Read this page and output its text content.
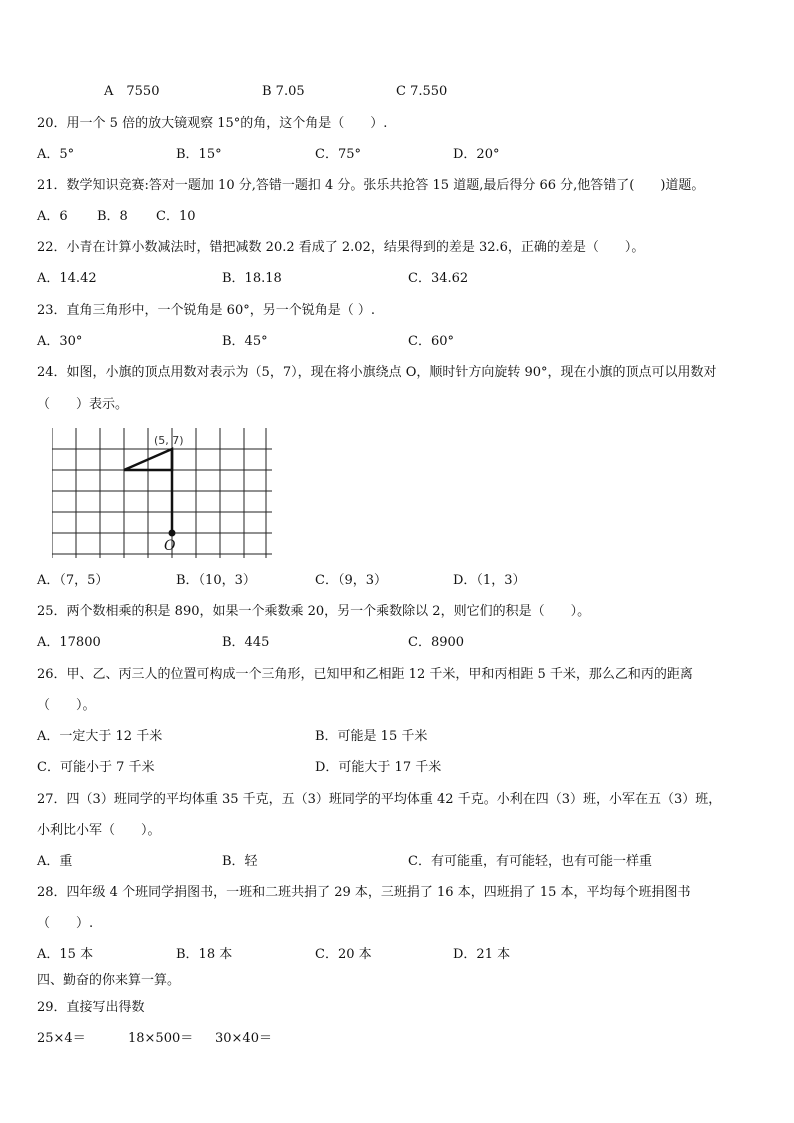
A　7550	B 7.05	C 7.550
20．用一个 5 倍的放大镜观察 15°的角，这个角是（　　）.
A．5°	B．15°	C．75°	D．20°
21．数学知识竞赛:答对一题加 10 分,答错一题扣 4 分。张乐共抢答 15 道题,最后得分 66 分,他答错了(　　)道题。
A．6 B．8 C．10
22．小青在计算小数减法时，错把减数 20.2 看成了 2.02，结果得到的差是 32.6，正确的差是（　　）。
A．14.42	B．18.18	C．34.62
23．直角三角形中，一个锐角是 60°，另一个锐角是（ ）.
A．30°	B．45°	C．60°
24．如图，小旗的顶点用数对表示为（5，7），现在将小旗绕点 O，顺时针方向旋转 90°，现在小旗的顶点可以用数对
（　　）表示。
(5, 7)
O
A．（7，5）	B．（10，3）	C．（9，3）	D．（1，3）
25．两个数相乘的积是 890，如果一个乘数乘 20，另一个乘数除以 2，则它们的积是（　　）。
A．17800	B．445	C．8900
26．甲、乙、丙三人的位置可构成一个三角形，已知甲和乙相距 12 千米，甲和丙相距 5 千米，那么乙和丙的距离
（　　）。
A．一定大于 12 千米	B．可能是 15 千米
C．可能小于 7 千米	D．可能大于 17 千米
27．四（3）班同学的平均体重 35 千克，五（3）班同学的平均体重 42 千克。小利在四（3）班，小军在五（3）班，
小利比小军（　　）。
A．重	B．轻	C．有可能重，有可能轻，也有可能一样重
28．四年级 4 个班同学捐图书，一班和二班共捐了 29 本，三班捐了 16 本，四班捐了 15 本，平均每个班捐图书
（　　）.
A．15 本	B．18 本	C．20 本	D．21 本
四、勤奋的你来算一算。
29．直接写出得数
25×4＝	18×500＝ 30×40＝
